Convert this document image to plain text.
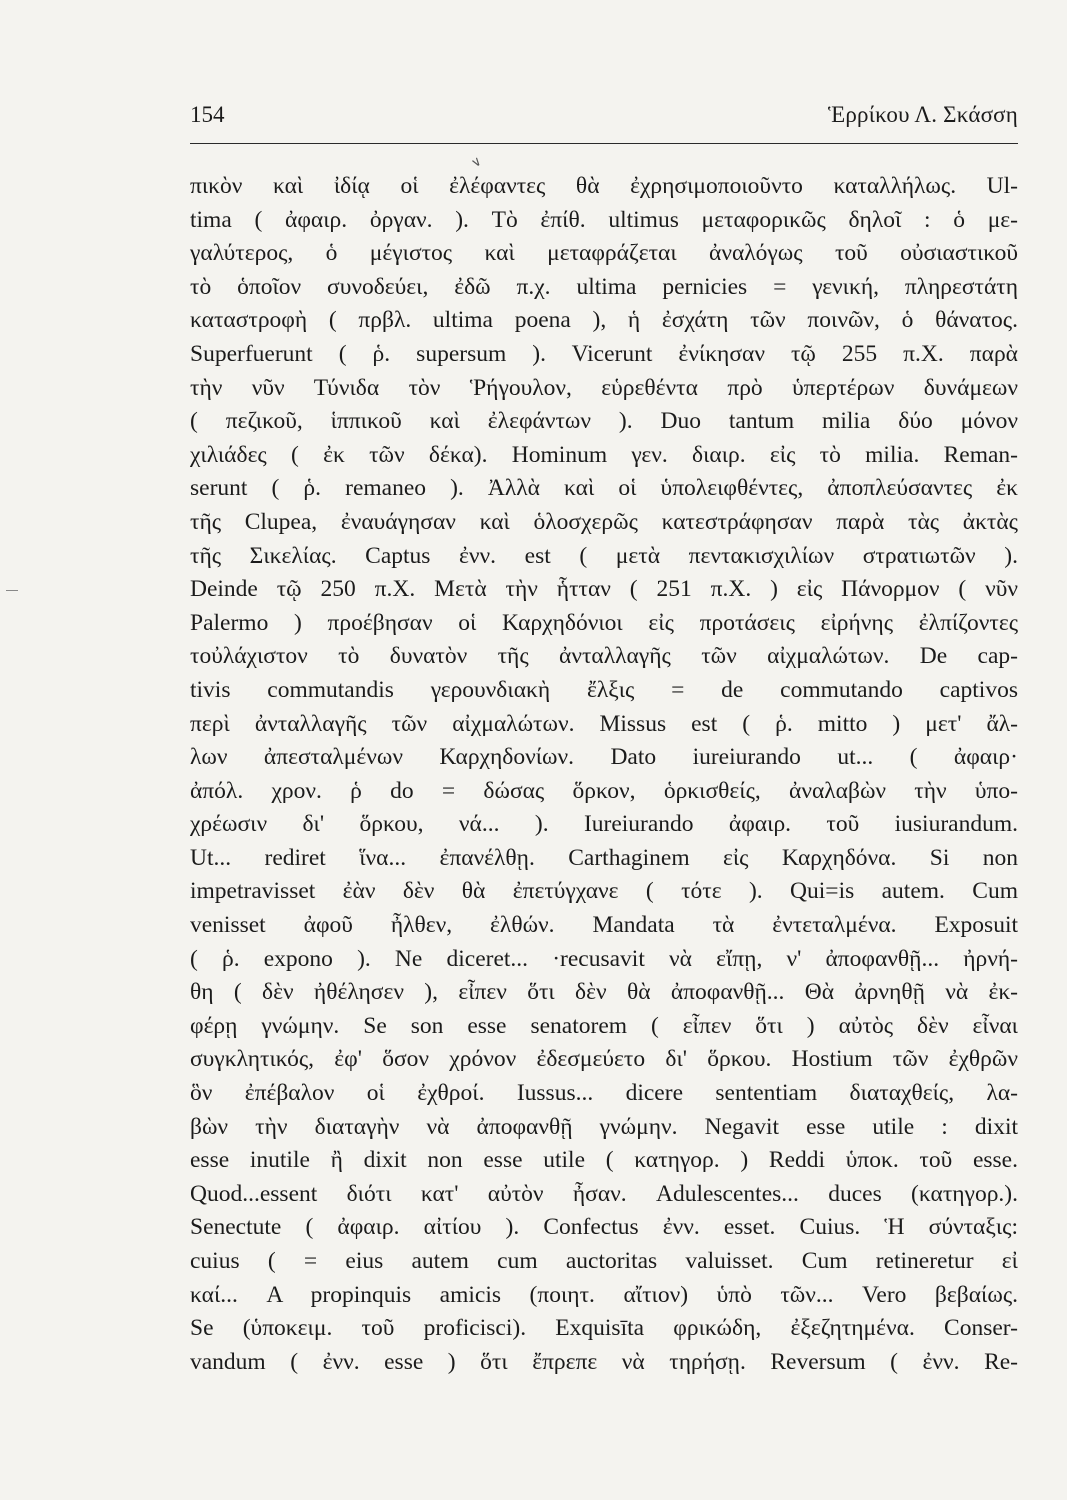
154	Ἑρρίκου Λ. Σκάσση
∨
πικὸν καὶ ἰδίᾳ οἱ ἐλέφαντες θὰ ἐχρησιμοποιοῦντο καταλλήλως. Ul-
tima ( ἀφαιρ. ὀργαν. ). Τὸ ἐπίθ. ultimus μεταφορικῶς δηλοῖ : ὁ με-
γαλύτερος, ὁ μέγιστος καὶ μεταφράζεται ἀναλόγως τοῦ οὐσιαστικοῦ
τὸ ὁποῖον συνοδεύει, ἐδῶ π.χ. ultima pernicies = γενική, πληρεστάτη
καταστροφὴ ( πρβλ. ultima poena ), ἡ ἐσχάτη τῶν ποινῶν, ὁ θάνατος.
Superfuerunt ( ῥ. supersum ). Vicerunt ἐνίκησαν τῷ 255 π.Χ. παρὰ
τὴν νῦν Τύνιδα τὸν Ῥήγουλον, εὑρεθέντα πρὸ ὑπερτέρων δυνάμεων
( πεζικοῦ, ἱππικοῦ καὶ ἐλεφάντων ). Duo tantum milia δύο μόνον
χιλιάδες ( ἐκ τῶν δέκα). Hominum γεν. διαιρ. εἰς τὸ milia. Reman-
serunt ( ῥ. remaneo ). Ἀλλὰ καὶ οἱ ὑπολειφθέντες, ἀποπλεύσαντες ἐκ
τῆς Clupea, ἐναυάγησαν καὶ ὁλοσχερῶς κατεστράφησαν παρὰ τὰς ἀκτὰς
τῆς Σικελίας. Captus ἐνν. est ( μετὰ πεντακισχιλίων στρατιωτῶν ).
Deinde τῷ 250 π.Χ. Μετὰ τὴν ἧτταν ( 251 π.Χ. ) εἰς Πάνορμον ( νῦν
Palermo ) προέβησαν οἱ Καρχηδόνιοι εἰς προτάσεις εἰρήνης ἐλπίζοντες
τοὐλάχιστον τὸ δυνατὸν τῆς ἀνταλλαγῆς τῶν αἰχμαλώτων. De cap-
tivis commutandis γερουνδιακὴ ἔλξις = de commutando captivos
περὶ ἀνταλλαγῆς τῶν αἰχμαλώτων. Missus est ( ῥ. mitto ) μετ' ἄλ-
λων ἀπεσταλμένων Καρχηδονίων. Dato iureiurando ut... ( ἀφαιρ·
ἀπόλ. χρον. ῥ do = δώσας ὅρκον, ὁρκισθείς, ἀναλαβὼν τὴν ὑπο-
χρέωσιν δι' ὅρκου, νά... ). Iureiurando ἀφαιρ. τοῦ iusiurandum.
Ut... rediret ἵνα... ἐπανέλθῃ. Carthaginem εἰς Καρχηδόνα. Si non
impetravisset ἐὰν δὲν θὰ ἐπετύγχανε ( τότε ). Qui=is autem. Cum
venisset ἀφοῦ ἦλθεν, ἐλθών. Mandata τὰ ἐντεταλμένα. Exposuit
( ῥ. expono ). Ne diceret... ·recusavit νὰ εἴπῃ, ν' ἀποφανθῇ... ἠρνή-
θη ( δὲν ἠθέλησεν ), εἶπεν ὅτι δὲν θὰ ἀποφανθῇ... Θὰ ἀρνηθῇ νὰ ἐκ-
φέρῃ γνώμην. Se son esse senatorem ( εἶπεν ὅτι ) αὐτὸς δὲν εἶναι
συγκλητικός, ἐφ' ὅσον χρόνον ἐδεσμεύετο δι' ὅρκου. Hostium τῶν ἐχθρῶν
ὃν ἐπέβαλον οἱ ἐχθροί. Iussus... dicere sententiam διαταχθείς, λα-
βὼν τὴν διαταγὴν νὰ ἀποφανθῇ γνώμην. Negavit esse utile : dixit
esse inutile ἢ dixit non esse utile ( κατηγορ. ) Reddi ὑποκ. τοῦ esse.
Quod...essent διότι κατ' αὐτὸν ἦσαν. Adulescentes... duces (κατηγορ.).
Senectute ( ἀφαιρ. αἰτίου ). Confectus ἐνν. esset. Cuius. Ἡ σύνταξις:
cuius ( = eius autem cum auctoritas valuisset. Cum retineretur εἰ
καί... A propinquis amicis (ποιητ. αἴτιον) ὑπὸ τῶν... Vero βεβαίως.
Se (ὑποκειμ. τοῦ proficisci). Exquisīta φρικώδη, ἐξεζητημένα. Conser-
vandum ( ἐνν. esse ) ὅτι ἔπρεπε νὰ τηρήσῃ. Reversum ( ἐνν. Re-
